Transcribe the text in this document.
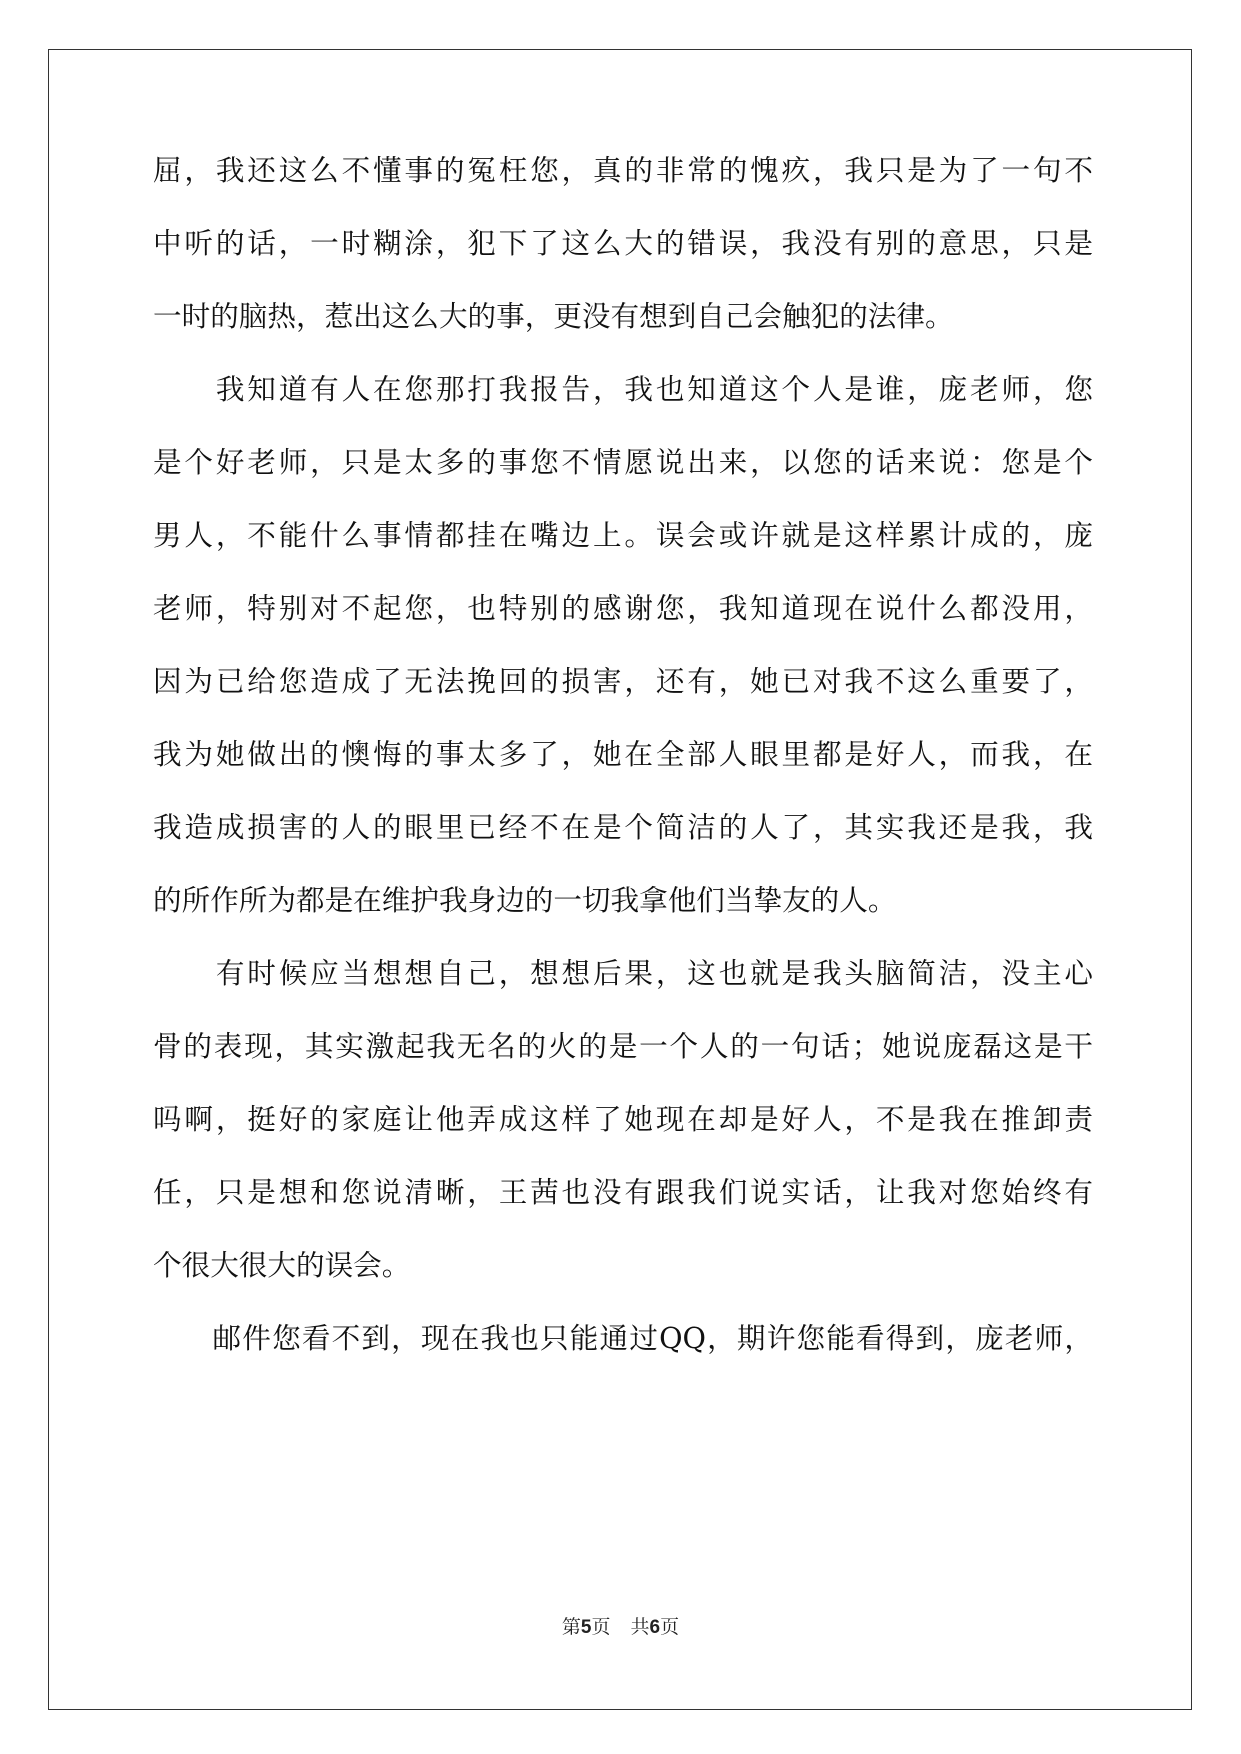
屈，我还这么不懂事的冤枉您，真的非常的愧疚，我只是为了一句不
中听的话，一时糊涂，犯下了这么大的错误，我没有别的意思，只是
一时的脑热，惹出这么大的事，更没有想到自己会触犯的法律。
　　我知道有人在您那打我报告，我也知道这个人是谁，庞老师，您
是个好老师，只是太多的事您不情愿说出来，以您的话来说：您是个
男人，不能什么事情都挂在嘴边上。误会或许就是这样累计成的，庞
老师，特别对不起您，也特别的感谢您，我知道现在说什么都没用，
因为已给您造成了无法挽回的损害，还有，她已对我不这么重要了，
我为她做出的懊悔的事太多了，她在全部人眼里都是好人，而我，在
我造成损害的人的眼里已经不在是个简洁的人了，其实我还是我，我
的所作所为都是在维护我身边的一切我拿他们当挚友的人。
　　有时候应当想想自己，想想后果，这也就是我头脑简洁，没主心
骨的表现，其实激起我无名的火的是一个人的一句话；她说庞磊这是干
吗啊，挺好的家庭让他弄成这样了她现在却是好人，不是我在推卸责
任，只是想和您说清晰，王茜也没有跟我们说实话，让我对您始终有
个很大很大的误会。
　　邮件您看不到，现在我也只能通过QQ，期许您能看得到，庞老师，
第5页 共6页
